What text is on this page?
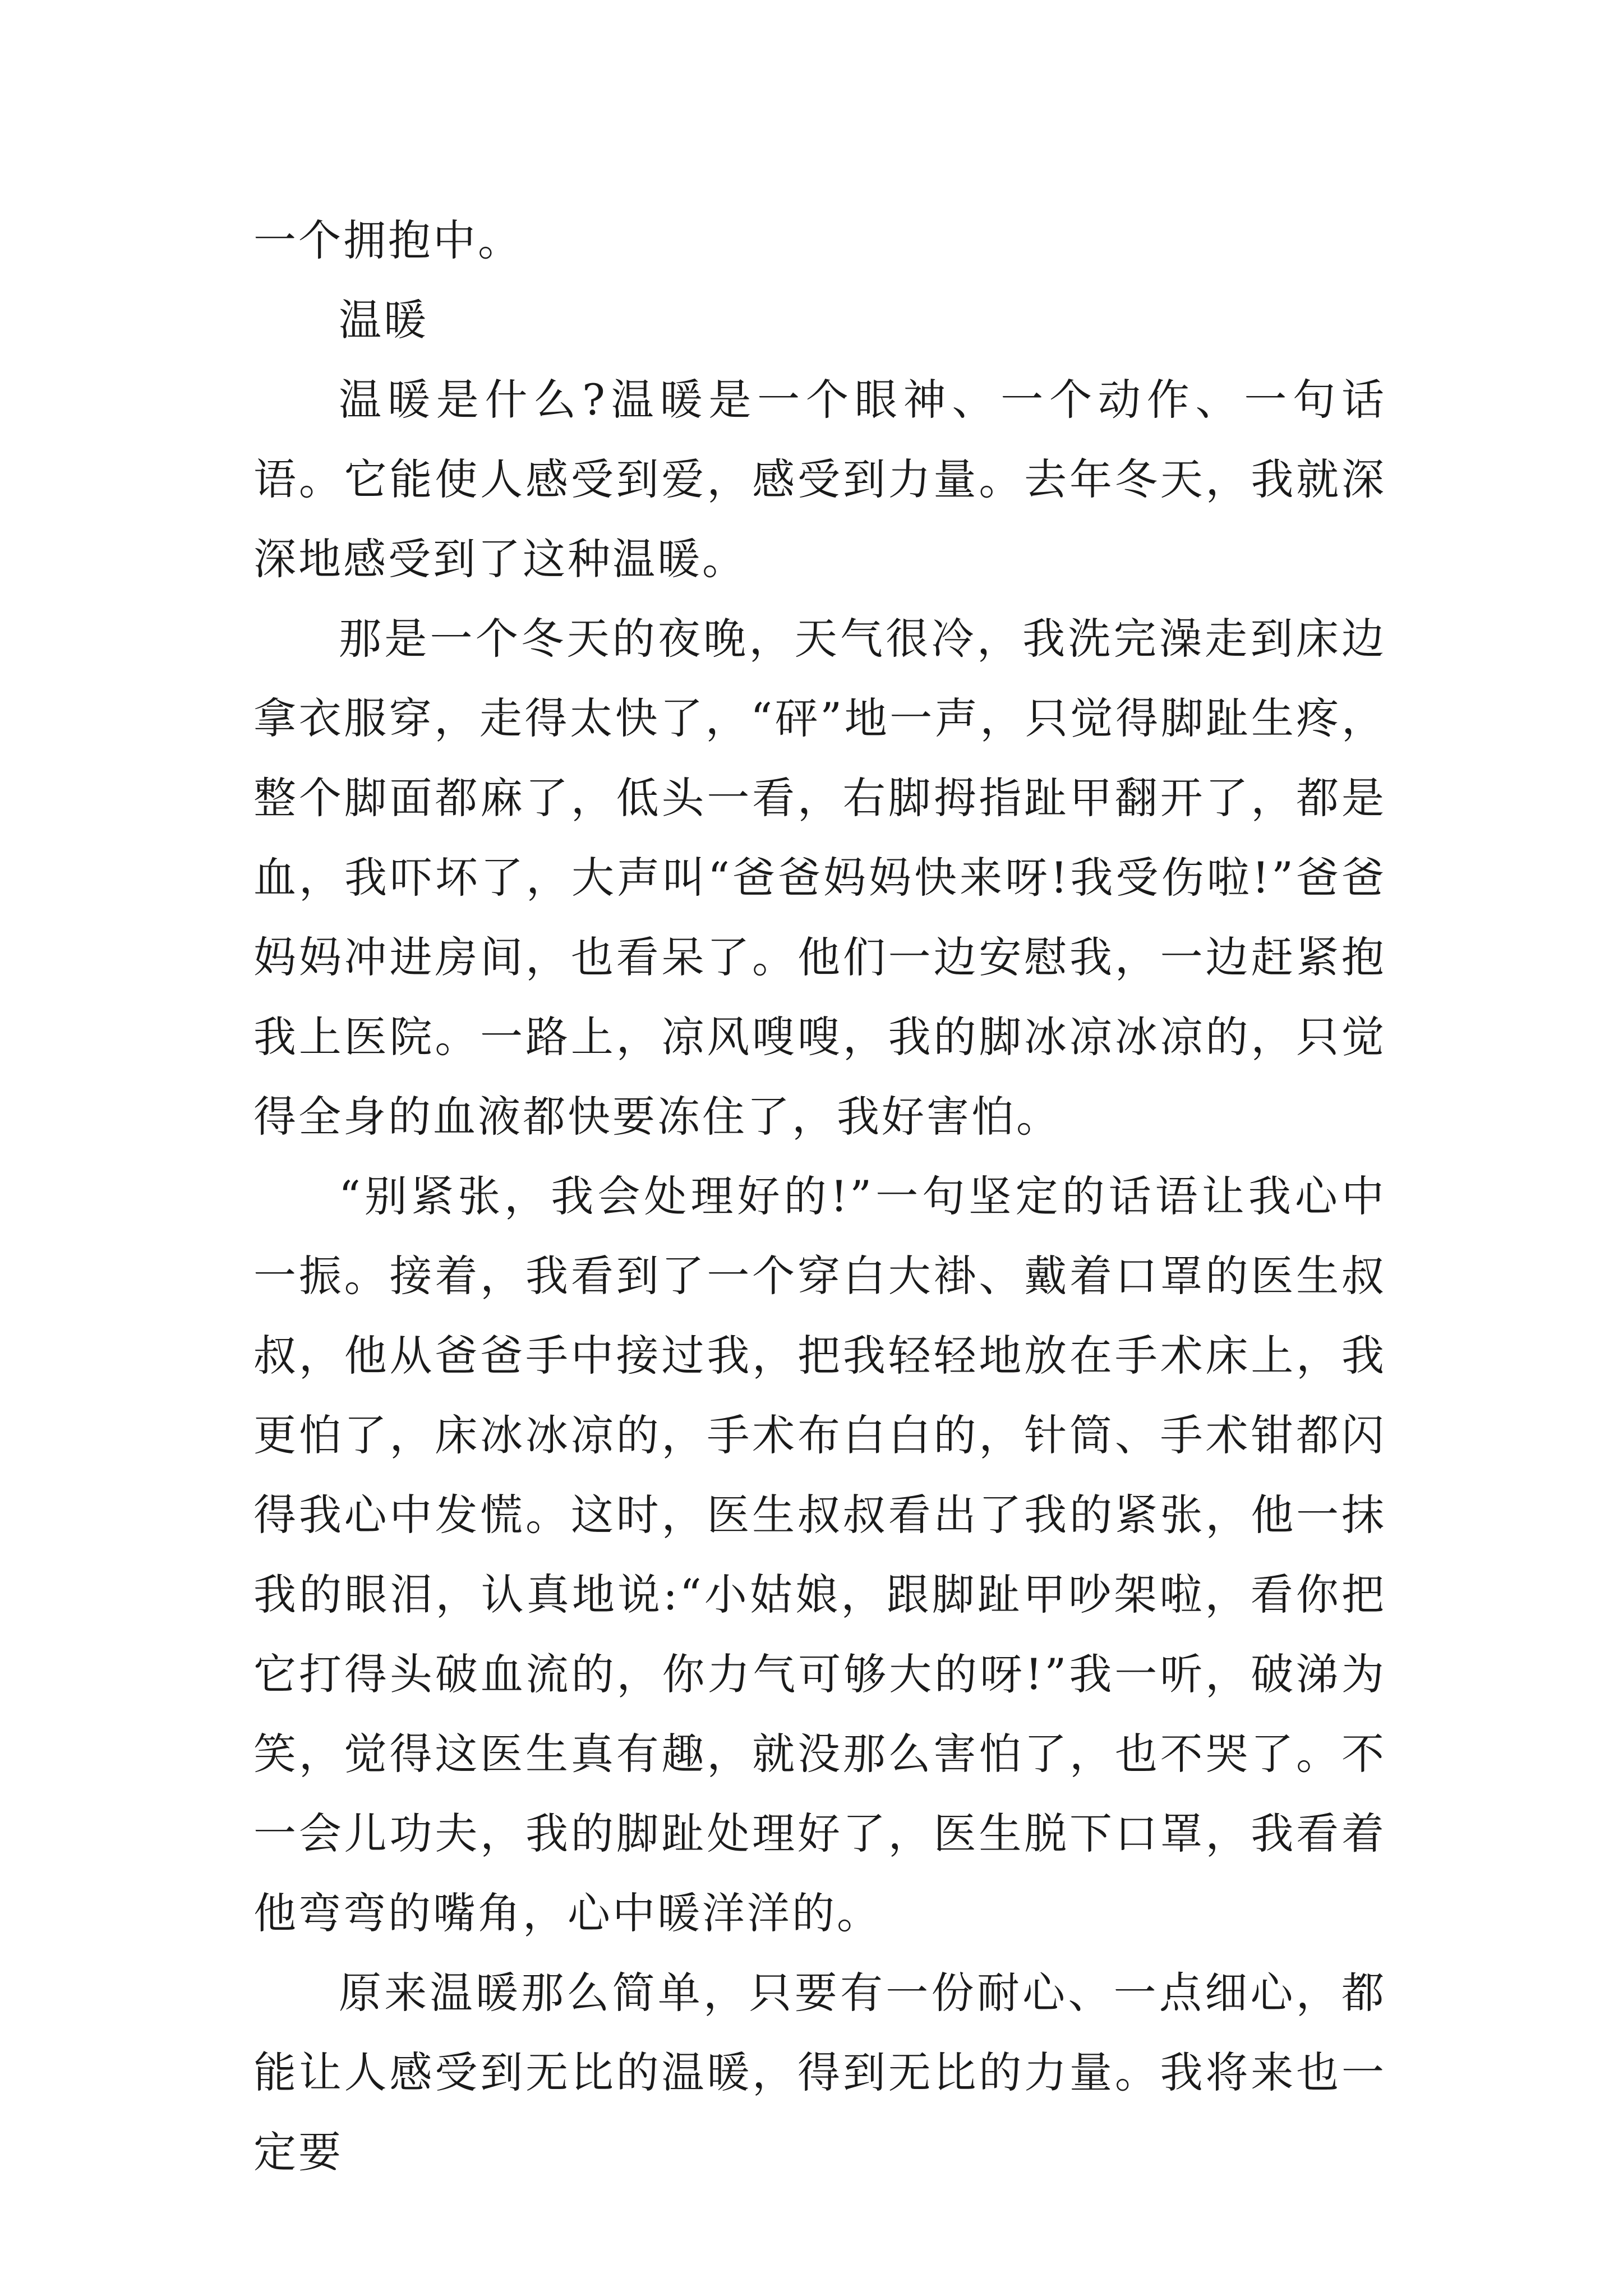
一个拥抱中。

温暖

温暖是什么?温暖是一个眼神、一个动作、一句话语。它能使人感受到爱，感受到力量。去年冬天，我就深深地感受到了这种温暖。

那是一个冬天的夜晚，天气很冷，我洗完澡走到床边拿衣服穿，走得太快了，“砰”地一声，只觉得脚趾生疼，整个脚面都麻了，低头一看，右脚拇指趾甲翻开了，都是血，我吓坏了，大声叫“爸爸妈妈快来呀!我受伤啦!”爸爸妈妈冲进房间，也看呆了。他们一边安慰我，一边赶紧抱我上医院。一路上，凉风嗖嗖，我的脚冰凉冰凉的，只觉得全身的血液都快要冻住了，我好害怕。

“别紧张，我会处理好的!”一句坚定的话语让我心中一振。接着，我看到了一个穿白大褂、戴着口罩的医生叔叔，他从爸爸手中接过我，把我轻轻地放在手术床上，我更怕了，床冰冰凉的，手术布白白的，针筒、手术钳都闪得我心中发慌。这时，医生叔叔看出了我的紧张，他一抹我的眼泪，认真地说:“小姑娘，跟脚趾甲吵架啦，看你把它打得头破血流的，你力气可够大的呀!”我一听，破涕为笑，觉得这医生真有趣，就没那么害怕了，也不哭了。不一会儿功夫，我的脚趾处理好了，医生脱下口罩，我看着他弯弯的嘴角，心中暖洋洋的。

原来温暖那么简单，只要有一份耐心、一点细心，都能让人感受到无比的温暖，得到无比的力量。我将来也一定要
